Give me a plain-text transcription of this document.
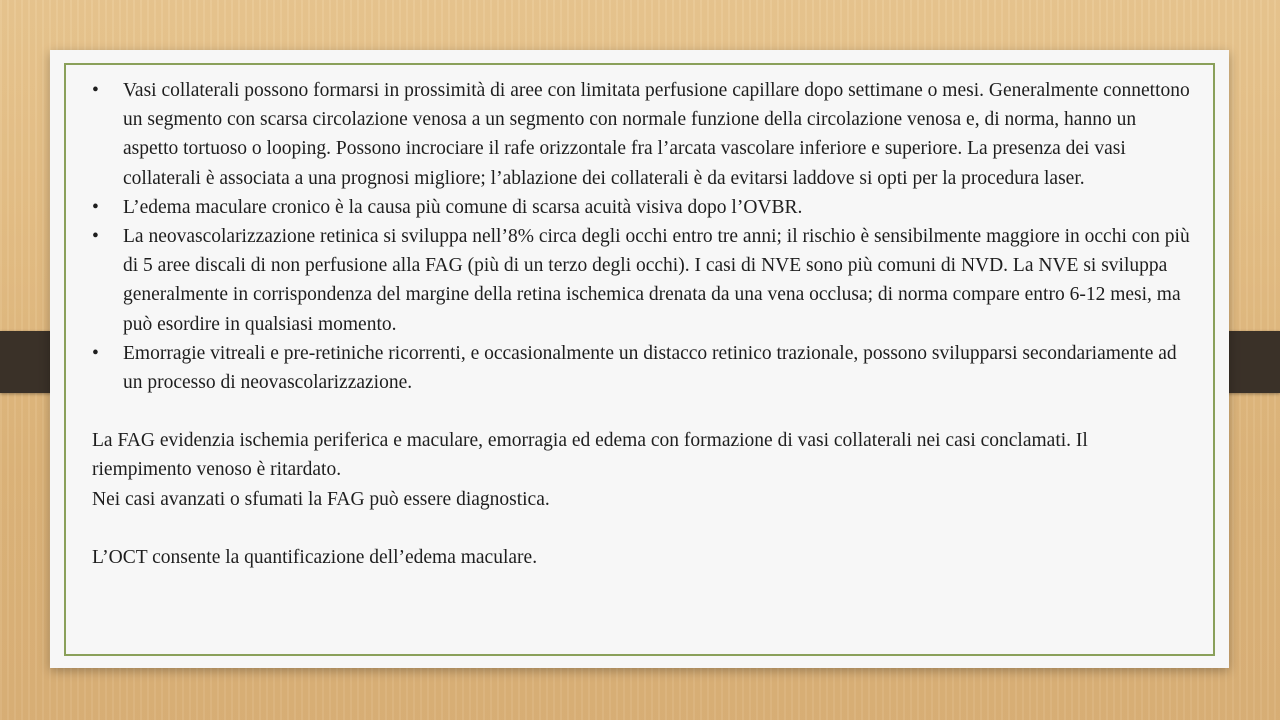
• Vasi collaterali possono formarsi in prossimità di aree con limitata perfusione capillare dopo settimane o mesi. Generalmente connettono un segmento con scarsa circolazione venosa a un segmento con normale funzione della circolazione venosa e, di norma, hanno un aspetto tortuoso o looping. Possono incrociare il rafe orizzontale fra l’arcata vascolare inferiore e superiore. La presenza dei vasi collaterali è associata a una prognosi migliore; l’ablazione dei collaterali è da evitarsi laddove si opti per la procedura laser.
• L’edema maculare cronico è la causa più comune di scarsa acuità visiva dopo l’OVBR.
• La neovascolarizzazione retinica si sviluppa nell’8% circa degli occhi entro tre anni; il rischio è sensibilmente maggiore in occhi con più di 5 aree discali di non perfusione alla FAG (più di un terzo degli occhi). I casi di NVE sono più comuni di NVD. La NVE si sviluppa generalmente in corrispondenza del margine della retina ischemica drenata da una vena occlusa; di norma compare entro 6-12 mesi, ma può esordire in qualsiasi momento.
• Emorragie vitreali e pre-retiniche ricorrenti, e occasionalmente un distacco retinico trazionale, possono svilupparsi secondariamente ad un processo di neovascolarizzazione.

La FAG evidenzia ischemia periferica e maculare, emorragia ed edema con formazione di vasi collaterali nei casi conclamati. Il riempimento venoso è ritardato.

Nei casi avanzati o sfumati la FAG può essere diagnostica.

L’OCT consente la quantificazione dell’edema maculare.
